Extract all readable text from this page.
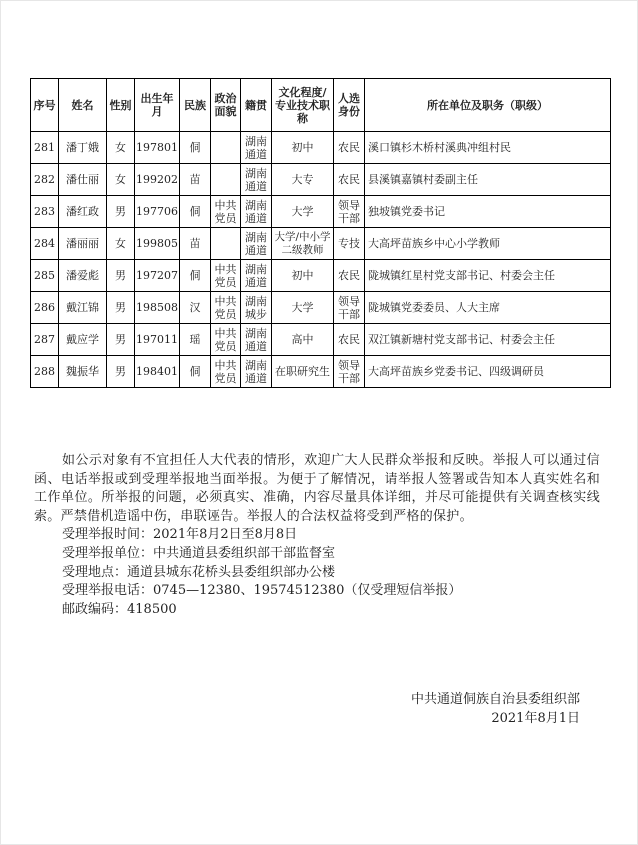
序号	姓名	性别	出生年月	民族	政治面貌	籍贯	文化程度/专业技术职称	人选身份	所在单位及职务（职级）
281	潘丁娥	女	197801	侗		湖南通道	初中	农民	溪口镇杉木桥村溪典冲组村民
282	潘仕丽	女	199202	苗		湖南通道	大专	农民	县溪镇嘉镇村委副主任
283	潘红政	男	197706	侗	中共党员	湖南通道	大学	领导干部	独坡镇党委书记
284	潘丽丽	女	199805	苗		湖南通道	大学/中小学二级教师	专技	大高坪苗族乡中心小学教师
285	潘爱彪	男	197207	侗	中共党员	湖南通道	初中	农民	陇城镇红星村党支部书记、村委会主任
286	戴江锦	男	198508	汉	中共党员	湖南城步	大学	领导干部	陇城镇党委委员、人大主席
287	戴应学	男	197011	瑶	中共党员	湖南通道	高中	农民	双江镇新塘村党支部书记、村委会主任
288	魏振华	男	198401	侗	中共党员	湖南通道	在职研究生	领导干部	大高坪苗族乡党委书记、四级调研员

如公示对象有不宜担任人大代表的情形，欢迎广大人民群众举报和反映。举报人可以通过信函、电话举报或到受理举报地当面举报。为便于了解情况，请举报人签署或告知本人真实姓名和工作单位。所举报的问题，必须真实、准确，内容尽量具体详细，并尽可能提供有关调查核实线索。严禁借机造谣中伤，串联诬告。举报人的合法权益将受到严格的保护。

受理举报时间：2021年8月2日至8月8日

受理举报单位：中共通道县委组织部干部监督室

受理地点：通道县城东花桥头县委组织部办公楼

受理举报电话：0745—12380、19574512380（仅受理短信举报）

邮政编码：418500

中共通道侗族自治县委组织部
2021年8月1日
